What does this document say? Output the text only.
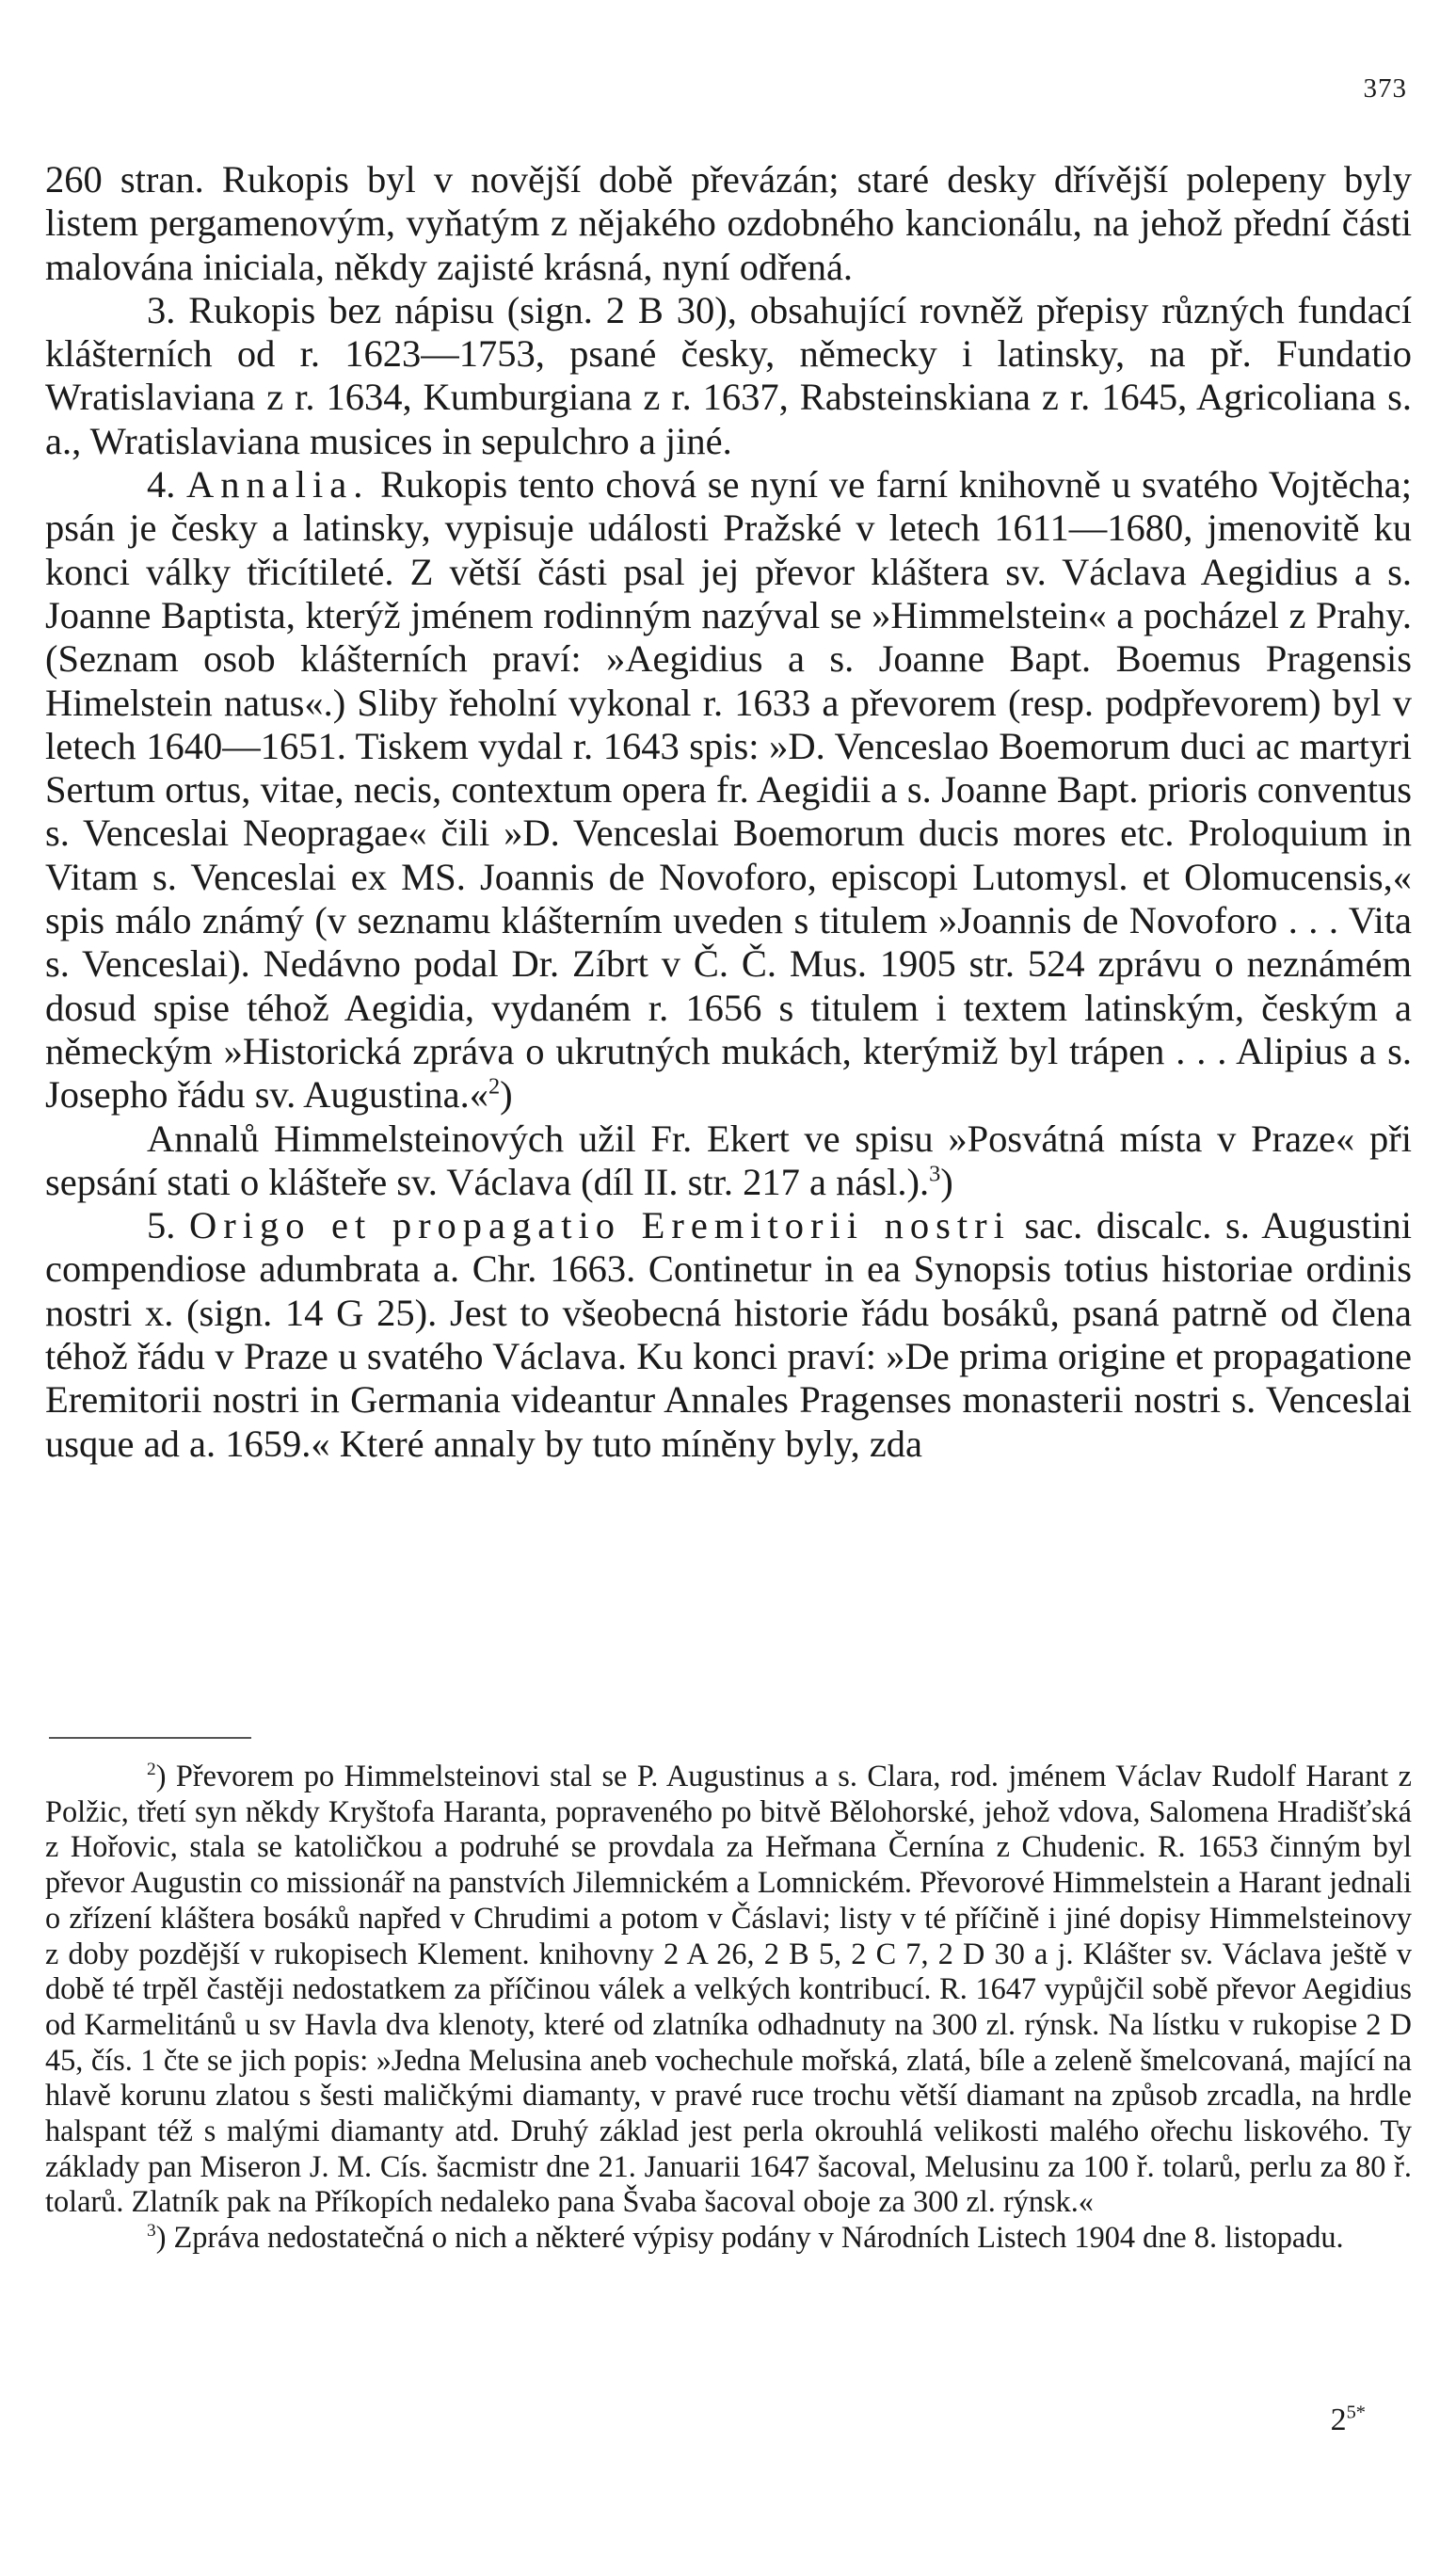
373

260 stran. Rukopis byl v novější době převázán; staré desky dřívější polepeny byly listem pergamenovým, vyňatým z nějakého ozdobného kancionálu, na jehož přední části malována iniciala, někdy zajisté krásná, nyní odřená.

3. Rukopis bez nápisu (sign. 2 B 30), obsahující rovněž přepisy různých fundací klášterních od r. 1623—1753, psané česky, německy i latinsky, na př. Fundatio Wratislaviana z r. 1634, Kumburgiana z r. 1637, Rabsteinskiana z r. 1645, Agricoliana s. a., Wratislaviana musices in sepulchro a jiné.

4. Annalia. Rukopis tento chová se nyní ve farní knihovně u svatého Vojtěcha; psán je česky a latinsky, vypisuje události Pražské v letech 1611—1680, jmenovitě ku konci války třicítileté. Z větší části psal jej převor kláštera sv. Václava Aegidius a s. Joanne Baptista, kterýž jménem rodinným nazýval se »Himmelstein« a pocházel z Prahy. (Seznam osob klášterních praví: »Aegidius a s. Joanne Bapt. Boemus Pragensis Himelstein natus«.) Sliby řeholní vykonal r. 1633 a převorem (resp. podpřevorem) byl v letech 1640—1651. Tiskem vydal r. 1643 spis: »D. Venceslao Boemorum duci ac martyri Sertum ortus, vitae, necis, contextum opera fr. Aegidii a s. Joanne Bapt. prioris conventus s. Venceslai Neopragae« čili »D. Venceslai Boemorum ducis mores etc. Proloquium in Vitam s. Venceslai ex MS. Joannis de Novoforo, episcopi Lutomysl. et Olomucensis,« spis málo známý (v seznamu klášterním uveden s titulem »Joannis de Novoforo . . . Vita s. Venceslai). Nedávno podal Dr. Zíbrt v Č. Č. Mus. 1905 str. 524 zprávu o neznámém dosud spise téhož Aegidia, vydaném r. 1656 s titulem i textem latinským, českým a německým »Historická zpráva o ukrutných mukách, kterýmiž byl trápen . . . Alipius a s. Josepho řádu sv. Augustina.«$^2$)

Annalů Himmelsteinových užil Fr. Ekert ve spisu »Posvátná místa v Praze« při sepsání stati o klášteře sv. Václava (díl II. str. 217 a násl.).$^3$)

5. Origo et propagatio Eremitorii nostri sac. discalc. s. Augustini compendiose adumbrata a. Chr. 1663. Continetur in ea Synopsis totius historiae ordinis nostri x. (sign. 14 G 25). Jest to všeobecná historie řádu bosáků, psaná patrně od člena téhož řádu v Praze u svatého Václava. Ku konci praví: »De prima origine et propagatione Eremitorii nostri in Germania videantur Annales Pragenses monasterii nostri s. Venceslai usque ad a. 1659.« Které annaly by tuto míněny byly, zda

$^2$) Převorem po Himmelsteinovi stal se P. Augustinus a s. Clara, rod. jménem Václav Rudolf Harant z Polžic, třetí syn někdy Kryštofa Haranta, popraveného po bitvě Bělohorské, jehož vdova, Salomena Hradišťská z Hořovic, stala se katoličkou a podruhé se provdala za Heřmana Černína z Chudenic. R. 1653 činným byl převor Augustin co missionář na panstvích Jilemnickém a Lomnickém. Převorové Himmelstein a Harant jednali o zřízení kláštera bosáků napřed v Chrudimi a potom v Čáslavi; listy v té příčině i jiné dopisy Himmelsteinovy z doby pozdější v rukopisech Klement. knihovny 2 A 26, 2 B 5, 2 C 7, 2 D 30 a j. Klášter sv. Václava ještě v době té trpěl častěji nedostatkem za příčinou válek a velkých kontribucí. R. 1647 vypůjčil sobě převor Aegidius od Karmelitánů u sv Havla dva klenoty, které od zlatníka odhadnuty na 300 zl. rýnsk. Na lístku v rukopise 2 D 45, čís. 1 čte se jich popis: »Jedna Melusina aneb vochechule mořská, zlatá, bíle a zeleně šmelcovaná, mající na hlavě korunu zlatou s šesti maličkými diamanty, v pravé ruce trochu větší diamant na způsob zrcadla, na hrdle halspant též s malými diamanty atd. Druhý základ jest perla okrouhlá velikosti malého ořechu liskového. Ty základy pan Miseron J. M. Cís. šacmistr dne 21. Januarii 1647 šacoval, Melusinu za 100 ř. tolarů, perlu za 80 ř. tolarů. Zlatník pak na Příkopích nedaleko pana Švaba šacoval oboje za 300 zl. rýnsk.«

$^3$) Zpráva nedostatečná o nich a některé výpisy podány v Národních Listech 1904 dne 8. listopadu.

$2^{5*}$
